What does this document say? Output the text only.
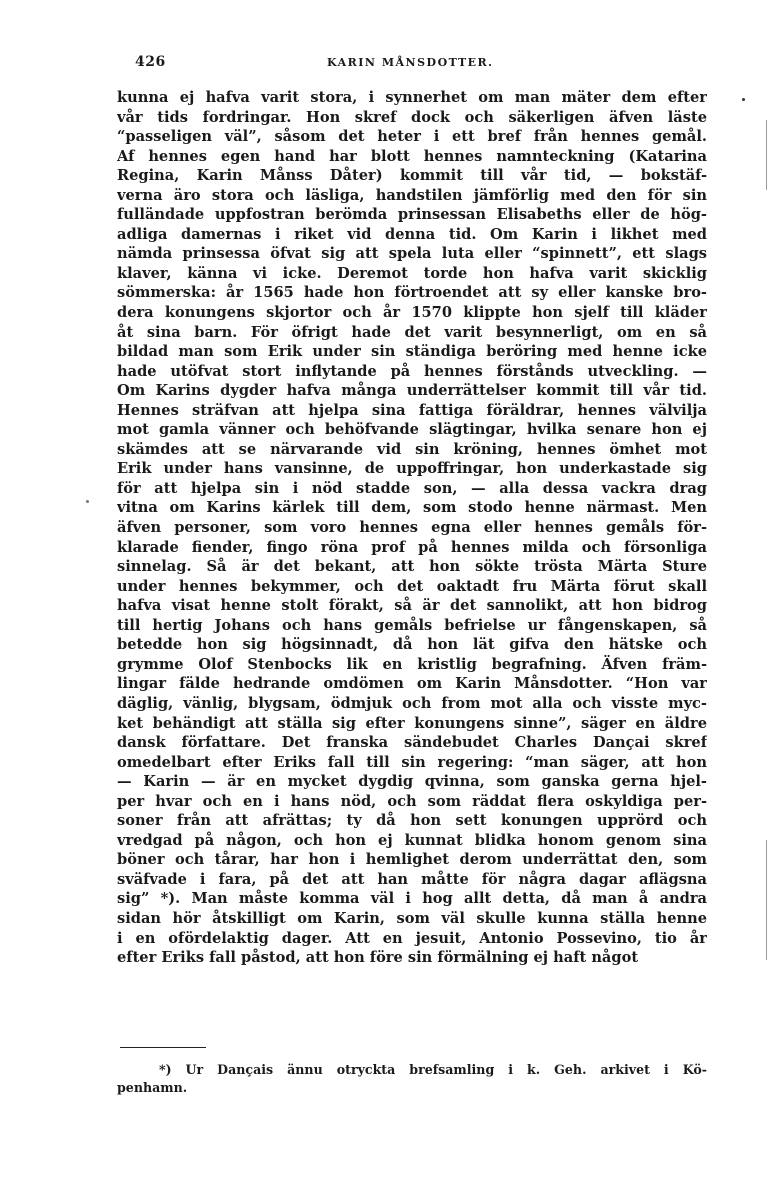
426	KARIN MÅNSDOTTER.
kunna ej hafva varit stora, i synnerhet om man mäter dem efter
vår tids fordringar. Hon skref dock och säkerligen äfven läste
“passeligen väl”, såsom det heter i ett bref från hennes gemål.
Af hennes egen hand har blott hennes namnteckning (Katarina
Regina, Karin Månss Dåter) kommit till vår tid, — bokstäf-
verna äro stora och läsliga, handstilen jämförlig med den för sin
fulländade uppfostran berömda prinsessan Elisabeths eller de hög-
adliga damernas i riket vid denna tid. Om Karin i likhet med
nämda prinsessa öfvat sig att spela luta eller “spinnett”, ett slags
klaver, känna vi icke. Deremot torde hon hafva varit skicklig
sömmerska: år 1565 hade hon förtroendet att sy eller kanske bro-
dera konungens skjortor och år 1570 klippte hon sjelf till kläder
åt sina barn. För öfrigt hade det varit besynnerligt, om en så
bildad man som Erik under sin ständiga beröring med henne icke
hade utöfvat stort inflytande på hennes förstånds utveckling. —
Om Karins dygder hafva många underrättelser kommit till vår tid.
Hennes sträfvan att hjelpa sina fattiga föräldrar, hennes välvilja
mot gamla vänner och behöfvande slägtingar, hvilka senare hon ej
skämdes att se närvarande vid sin kröning, hennes ömhet mot
Erik under hans vansinne, de uppoffringar, hon underkastade sig
för att hjelpa sin i nöd stadde son, — alla dessa vackra drag
vitna om Karins kärlek till dem, som stodo henne närmast. Men
äfven personer, som voro hennes egna eller hennes gemåls för-
klarade fiender, fingo röna prof på hennes milda och försonliga
sinnelag. Så är det bekant, att hon sökte trösta Märta Sture
under hennes bekymmer, och det oaktadt fru Märta förut skall
hafva visat henne stolt förakt, så är det sannolikt, att hon bidrog
till hertig Johans och hans gemåls befrielse ur fångenskapen, så
betedde hon sig högsinnadt, då hon lät gifva den hätske och
grymme Olof Stenbocks lik en kristlig begrafning. Äfven främ-
lingar fälde hedrande omdömen om Karin Månsdotter. “Hon var
däglig, vänlig, blygsam, ödmjuk och from mot alla och visste myc-
ket behändigt att ställa sig efter konungens sinne”, säger en äldre
dansk författare. Det franska sändebudet Charles Dançai skref
omedelbart efter Eriks fall till sin regering: “man säger, att hon
— Karin — är en mycket dygdig qvinna, som ganska gerna hjel-
per hvar och en i hans nöd, och som räddat flera oskyldiga per-
soner från att afrättas; ty då hon sett konungen upprörd och
vredgad på någon, och hon ej kunnat blidka honom genom sina
böner och tårar, har hon i hemlighet derom underrättat den, som
sväfvade i fara, på det att han måtte för några dagar aflägsna
sig” *). Man måste komma väl i hog allt detta, då man å andra
sidan hör åtskilligt om Karin, som väl skulle kunna ställa henne
i en ofördelaktig dager. Att en jesuit, Antonio Possevino, tio år
efter Eriks fall påstod, att hon före sin förmälning ej haft något
*) Ur Dançais ännu otryckta brefsamling i k. Geh. arkivet i Kö-
penhamn.
